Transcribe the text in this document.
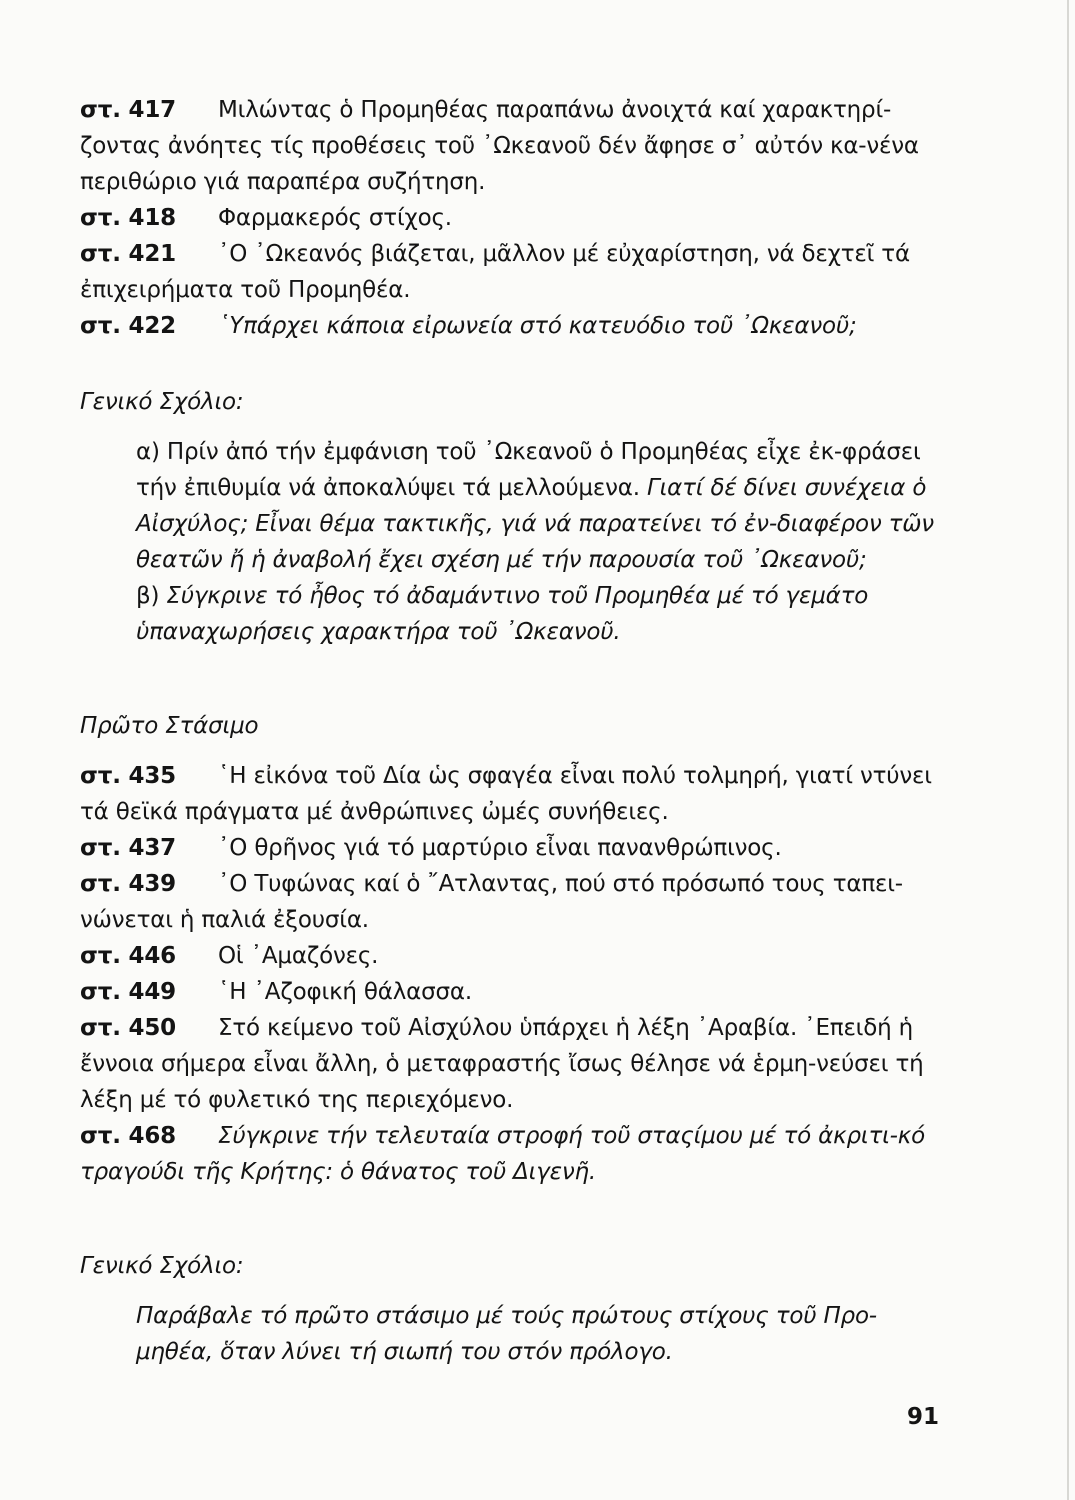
στ. 417 Μιλώντας ὁ Προμηθέας παραπάνω ἀνοιχτά καί χαρακτηρί-ζοντας ἀνόητες τίς προθέσεις τοῦ ᾿Ωκεανοῦ δέν ἄφησε σ᾿ αὐτόν κα-νένα περιθώριο γιά παραπέρα συζήτηση.
στ. 418 Φαρμακερός στίχος.
στ. 421 ᾿Ο ᾿Ωκεανός βιάζεται, μᾶλλον μέ εὐχαρίστηση, νά δεχτεῖ τά ἐπιχειρήματα τοῦ Προμηθέα.
στ. 422 ῾Υπάρχει κάποια εἰρωνεία στό κατευόδιο τοῦ ᾿Ωκεανοῦ;
Γενικό Σχόλιο:
α) Πρίν ἀπό τήν ἐμφάνιση τοῦ ᾿Ωκεανοῦ ὁ Προμηθέας εἶχε ἐκ-φράσει τήν ἐπιθυμία νά ἀποκαλύψει τά μελλούμενα. Γιατί δέ δίνει συνέχεια ὁ Αἰσχύλος; Εἶναι θέμα τακτικῆς, γιά νά παρατείνει τό ἐν-διαφέρον τῶν θεατῶν ἤ ἡ ἀναβολή ἔχει σχέση μέ τήν παρουσία τοῦ ᾿Ωκεανοῦ;
β) Σύγκρινε τό ἦθος τό ἀδαμάντινο τοῦ Προμηθέα μέ τό γεμάτο ὑπαναχωρήσεις χαρακτήρα τοῦ ᾿Ωκεανοῦ.
Πρῶτο Στάσιμο
στ. 435 ῾Η εἰκόνα τοῦ Δία ὡς σφαγέα εἶναι πολύ τολμηρή, γιατί ντύνει τά θεϊκά πράγματα μέ ἀνθρώπινες ὠμές συνήθειες.
στ. 437 ᾿Ο θρῆνος γιά τό μαρτύριο εἶναι πανανθρώπινος.
στ. 439 ᾿Ο Τυφώνας καί ὁ ῎Ατλαντας, πού στό πρόσωπό τους ταπει-νώνεται ἡ παλιά ἐξουσία.
στ. 446 Οἱ ᾿Αμαζόνες.
στ. 449 ῾Η ᾿Αζοφική θάλασσα.
στ. 450 Στό κείμενο τοῦ Αἰσχύλου ὑπάρχει ἡ λέξη ᾿Αραβία. ᾿Επειδή ἡ ἔννοια σήμερα εἶναι ἄλλη, ὁ μεταφραστής ἴσως θέλησε νά ἑρμη-νεύσει τή λέξη μέ τό φυλετικό της περιεχόμενο.
στ. 468 Σύγκρινε τήν τελευταία στροφή τοῦ σταςίμου μέ τό ἀκριτι-κό τραγούδι τῆς Κρήτης: ὁ θάνατος τοῦ Διγενῆ.
Γενικό Σχόλιο:
Παράβαλε τό πρῶτο στάσιμο μέ τούς πρώτους στίχους τοῦ Προ-μηθέα, ὅταν λύνει τή σιωπή του στόν πρόλογο.
91
